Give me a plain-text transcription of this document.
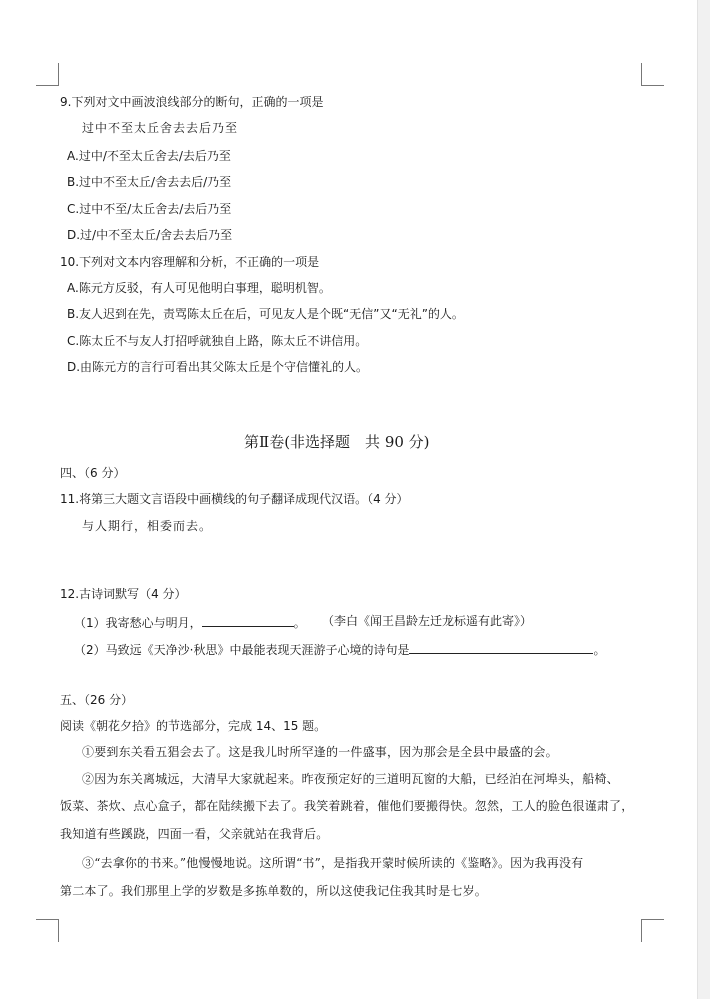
9.下列对文中画波浪线部分的断句，正确的一项是
过中不至太丘舍去去后乃至
A.过中/不至太丘舍去/去后乃至
B.过中不至太丘/舍去去后/乃至
C.过中不至/太丘舍去/去后乃至
D.过/中不至太丘/舍去去后乃至
10.下列对文本内容理解和分析，不正确的一项是
A.陈元方反驳，有人可见他明白事理，聪明机智。
B.友人迟到在先，责骂陈太丘在后，可见友人是个既“无信”又“无礼”的人。
C.陈太丘不与友人打招呼就独自上路，陈太丘不讲信用。
D.由陈元方的言行可看出其父陈太丘是个守信懂礼的人。
第Ⅱ卷(非选择题　共 90 分)
四、（6 分）
11.将第三大题文言语段中画横线的句子翻译成现代汉语。（4 分）
与人期行，相委而去。
12.古诗词默写（4 分）
（1）我寄愁心与明月，	。 （李白《闻王昌龄左迁龙标遥有此寄》）
（2）马致远《天净沙·秋思》中最能表现天涯游子心境的诗句是	。
五、（26 分）
阅读《朝花夕拾》的节选部分，完成 14、15 题。
①要到东关看五猖会去了。这是我儿时所罕逢的一件盛事，因为那会是全县中最盛的会。
②因为东关离城远，大清早大家就起来。昨夜预定好的三道明瓦窗的大船，已经泊在河埠头，船椅、
饭菜、茶炊、点心盒子，都在陆续搬下去了。我笑着跳着，催他们要搬得快。忽然，工人的脸色很谨肃了，
我知道有些蹊跷，四面一看，父亲就站在我背后。
③“去拿你的书来。”他慢慢地说。这所谓“书”，是指我开蒙时候所读的《鉴略》。因为我再没有
第二本了。我们那里上学的岁数是多拣单数的，所以这使我记住我其时是七岁。
